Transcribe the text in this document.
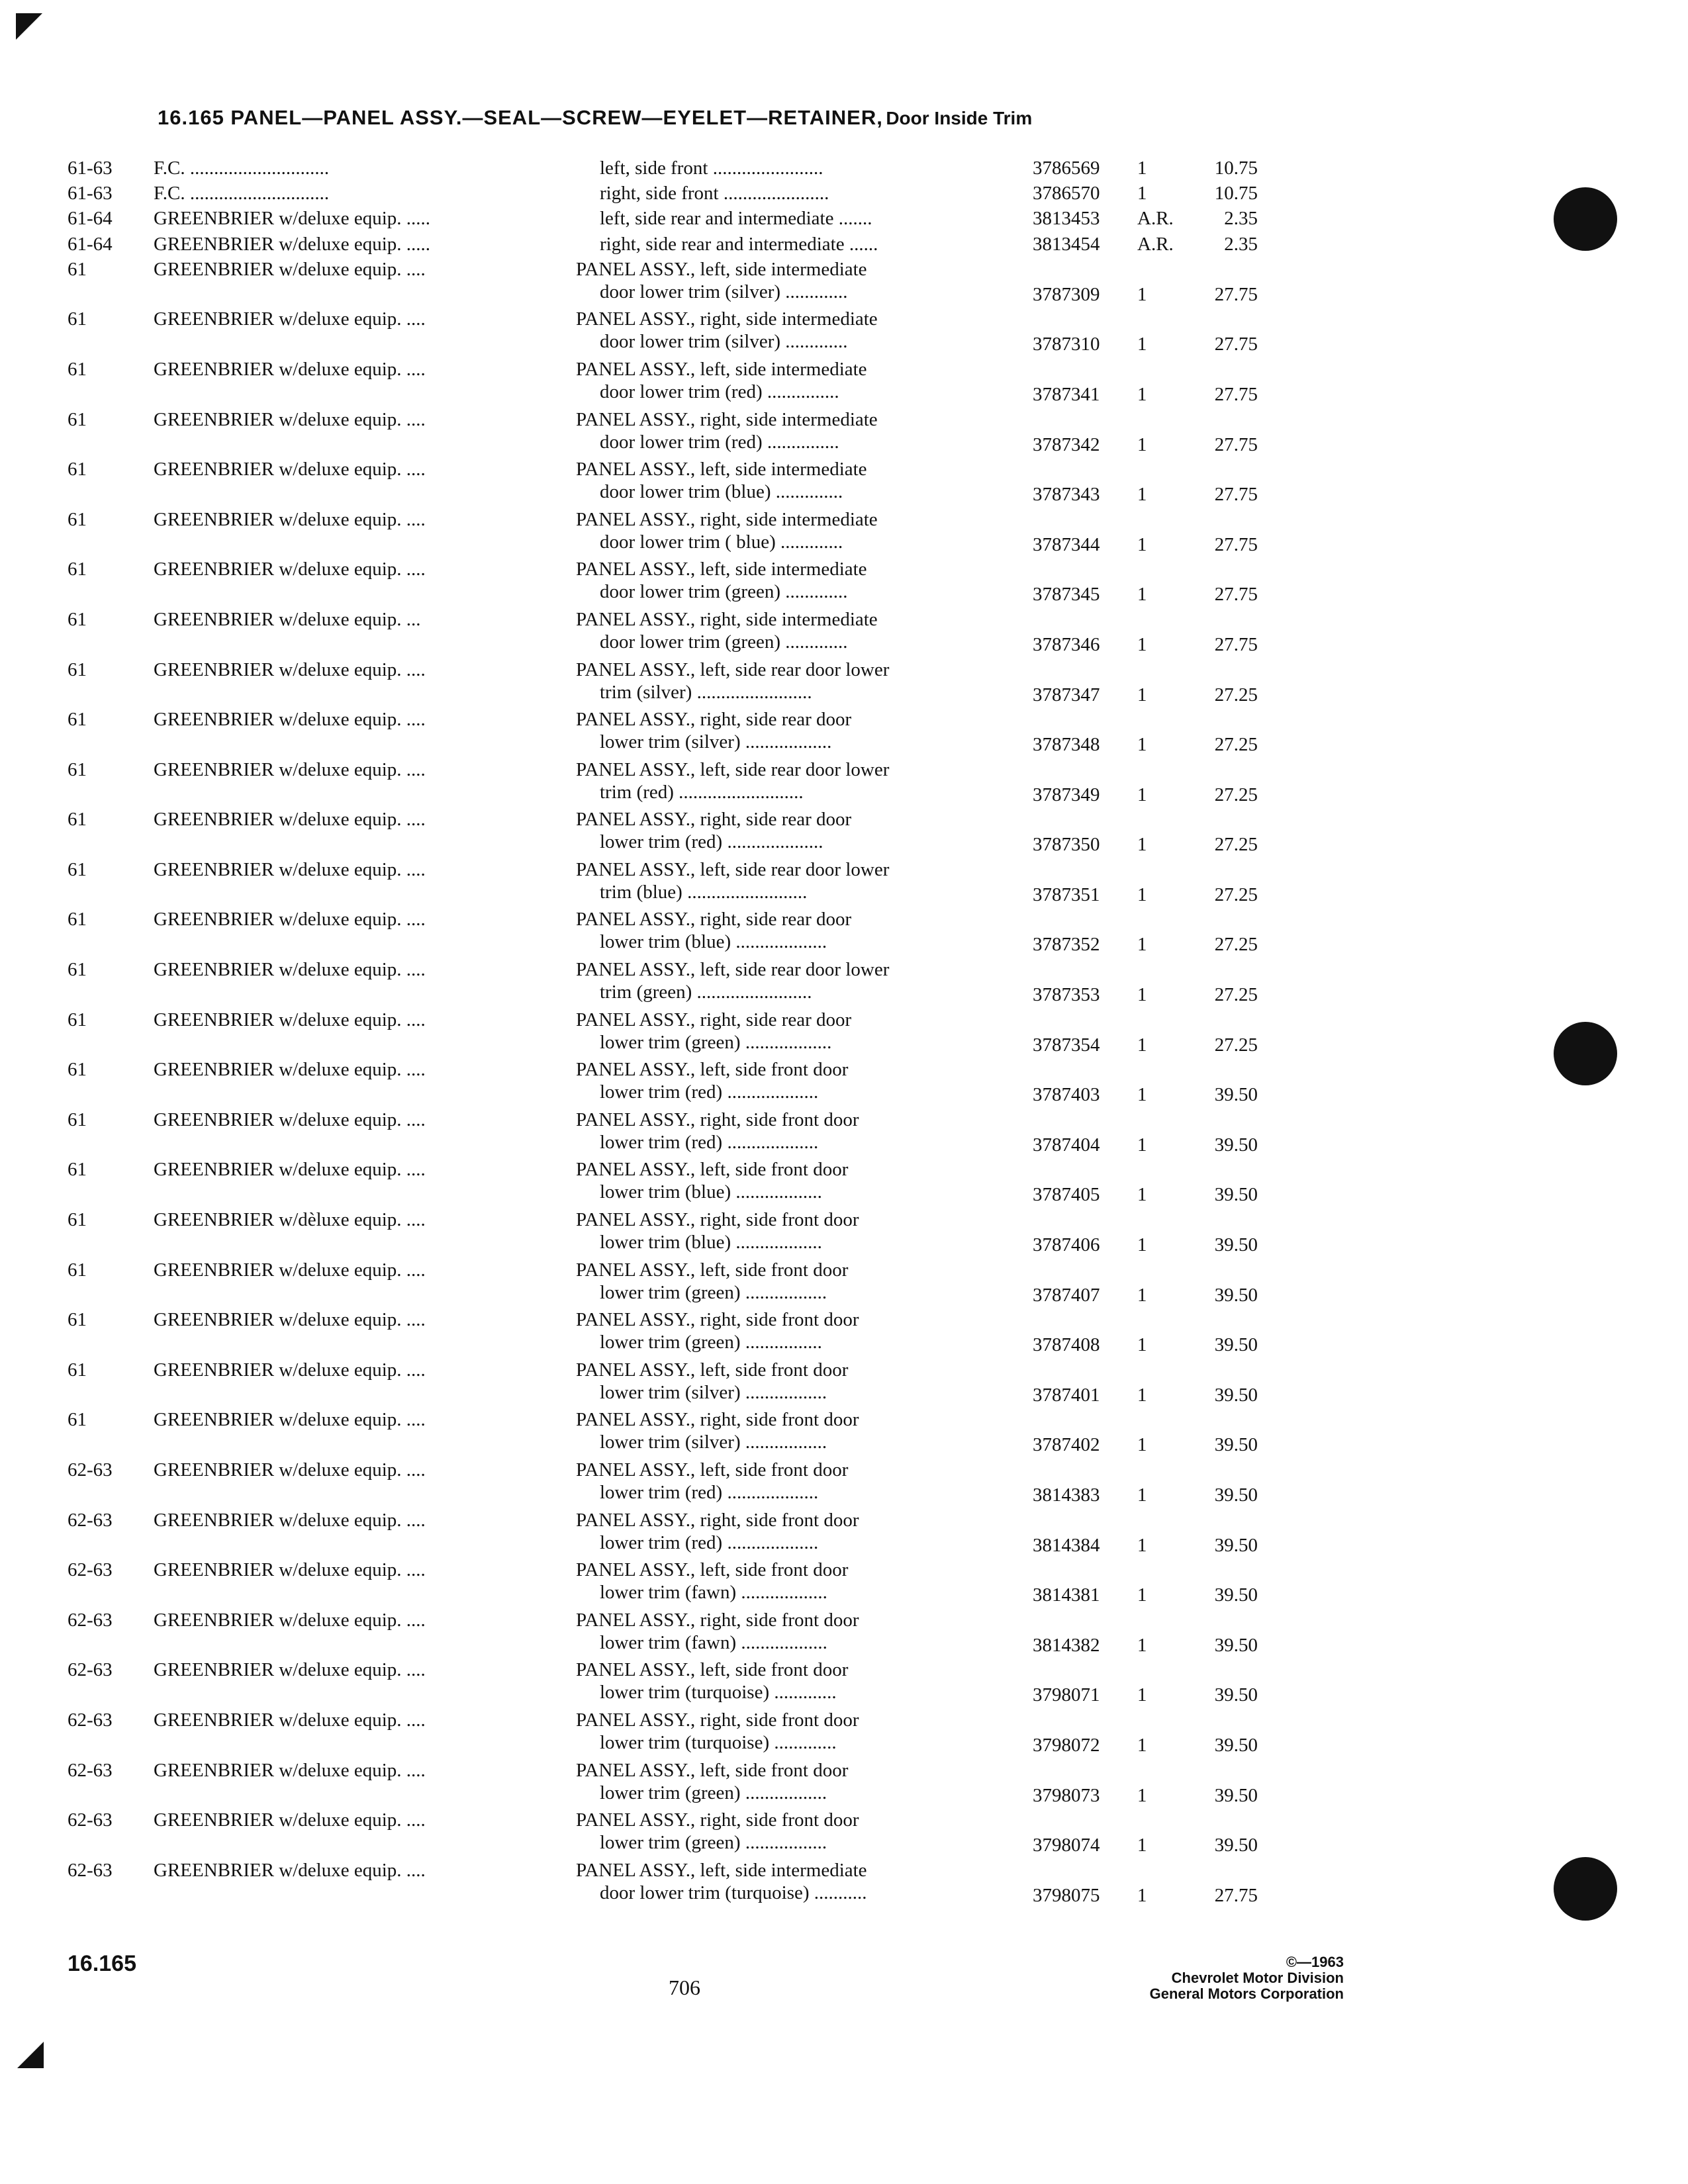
16.165 PANEL—PANEL ASSY.—SEAL—SCREW—EYELET—RETAINER, Door Inside Trim
61-63 F.C. .............................	left, side front .......................	3786569 1	10.75
61-63 F.C. .............................	right, side front ......................	3786570 1	10.75
61-64 GREENBRIER w/deluxe equip. .....	left, side rear and intermediate .......	3813453 A.R.	2.35
61-64 GREENBRIER w/deluxe equip. .....	right, side rear and intermediate ......	3813454 A.R.	2.35
61	GREENBRIER w/deluxe equip. ....	PANEL ASSY., left, side intermediate
door lower trim (silver) .............	3787309 1	27.75
61	GREENBRIER w/deluxe equip. ....	PANEL ASSY., right, side intermediate
door lower trim (silver) .............	3787310 1	27.75
61	GREENBRIER w/deluxe equip. ....	PANEL ASSY., left, side intermediate
door lower trim (red) ...............	3787341 1	27.75
61	GREENBRIER w/deluxe equip. ....	PANEL ASSY., right, side intermediate
door lower trim (red) ...............	3787342 1	27.75
61	GREENBRIER w/deluxe equip. ....	PANEL ASSY., left, side intermediate
door lower trim (blue) ..............	3787343 1	27.75
61	GREENBRIER w/deluxe equip. ....	PANEL ASSY., right, side intermediate
door lower trim ( blue) .............	3787344 1	27.75
61	GREENBRIER w/deluxe equip. ....	PANEL ASSY., left, side intermediate
door lower trim (green) .............	3787345 1	27.75
61	GREENBRIER w/deluxe equip. ...	PANEL ASSY., right, side intermediate
door lower trim (green) .............	3787346 1	27.75
61	GREENBRIER w/deluxe equip. ....	PANEL ASSY., left, side rear door lower
trim (silver) ........................	3787347 1	27.25
61	GREENBRIER w/deluxe equip. ....	PANEL ASSY., right, side rear door
lower trim (silver) ..................	3787348 1	27.25
61	GREENBRIER w/deluxe equip. ....	PANEL ASSY., left, side rear door lower
trim (red) ..........................	3787349 1	27.25
61	GREENBRIER w/deluxe equip. ....	PANEL ASSY., right, side rear door
lower trim (red) ....................	3787350 1	27.25
61	GREENBRIER w/deluxe equip. ....	PANEL ASSY., left, side rear door lower
trim (blue) .........................	3787351 1	27.25
61	GREENBRIER w/deluxe equip. ....	PANEL ASSY., right, side rear door
lower trim (blue) ...................	3787352 1	27.25
61	GREENBRIER w/deluxe equip. ....	PANEL ASSY., left, side rear door lower
trim (green) ........................	3787353 1	27.25
61	GREENBRIER w/deluxe equip. ....	PANEL ASSY., right, side rear door
lower trim (green) ..................	3787354 1	27.25
61	GREENBRIER w/deluxe equip. ....	PANEL ASSY., left, side front door
lower trim (red) ...................	3787403 1	39.50
61	GREENBRIER w/deluxe equip. ....	PANEL ASSY., right, side front door
lower trim (red) ...................	3787404 1	39.50
61	GREENBRIER w/deluxe equip. ....	PANEL ASSY., left, side front door
lower trim (blue) ..................	3787405 1	39.50
61	GREENBRIER w/dèluxe equip. ....	PANEL ASSY., right, side front door
lower trim (blue) ..................	3787406 1	39.50
61	GREENBRIER w/deluxe equip. ....	PANEL ASSY., left, side front door
lower trim (green) .................	3787407 1	39.50
61	GREENBRIER w/deluxe equip. ....	PANEL ASSY., right, side front door
lower trim (green) ................	3787408 1	39.50
61	GREENBRIER w/deluxe equip. ....	PANEL ASSY., left, side front door
lower trim (silver) .................	3787401 1	39.50
61	GREENBRIER w/deluxe equip. ....	PANEL ASSY., right, side front door
lower trim (silver) .................	3787402 1	39.50
62-63 GREENBRIER w/deluxe equip. ....	PANEL ASSY., left, side front door
lower trim (red) ...................	3814383 1	39.50
62-63 GREENBRIER w/deluxe equip. ....	PANEL ASSY., right, side front door
lower trim (red) ...................	3814384 1	39.50
62-63 GREENBRIER w/deluxe equip. ....	PANEL ASSY., left, side front door
lower trim (fawn) ..................	3814381 1	39.50
62-63 GREENBRIER w/deluxe equip. ....	PANEL ASSY., right, side front door
lower trim (fawn) ..................	3814382 1	39.50
62-63 GREENBRIER w/deluxe equip. ....	PANEL ASSY., left, side front door
lower trim (turquoise) .............	3798071 1	39.50
62-63 GREENBRIER w/deluxe equip. ....	PANEL ASSY., right, side front door
lower trim (turquoise) .............	3798072 1	39.50
62-63 GREENBRIER w/deluxe equip. ....	PANEL ASSY., left, side front door
lower trim (green) .................	3798073 1	39.50
62-63 GREENBRIER w/deluxe equip. ....	PANEL ASSY., right, side front door
lower trim (green) .................	3798074 1	39.50
62-63 GREENBRIER w/deluxe equip. ....	PANEL ASSY., left, side intermediate
door lower trim (turquoise) ...........	3798075 1	27.75
16.165
706
©—1963
Chevrolet Motor Division
General Motors Corporation
